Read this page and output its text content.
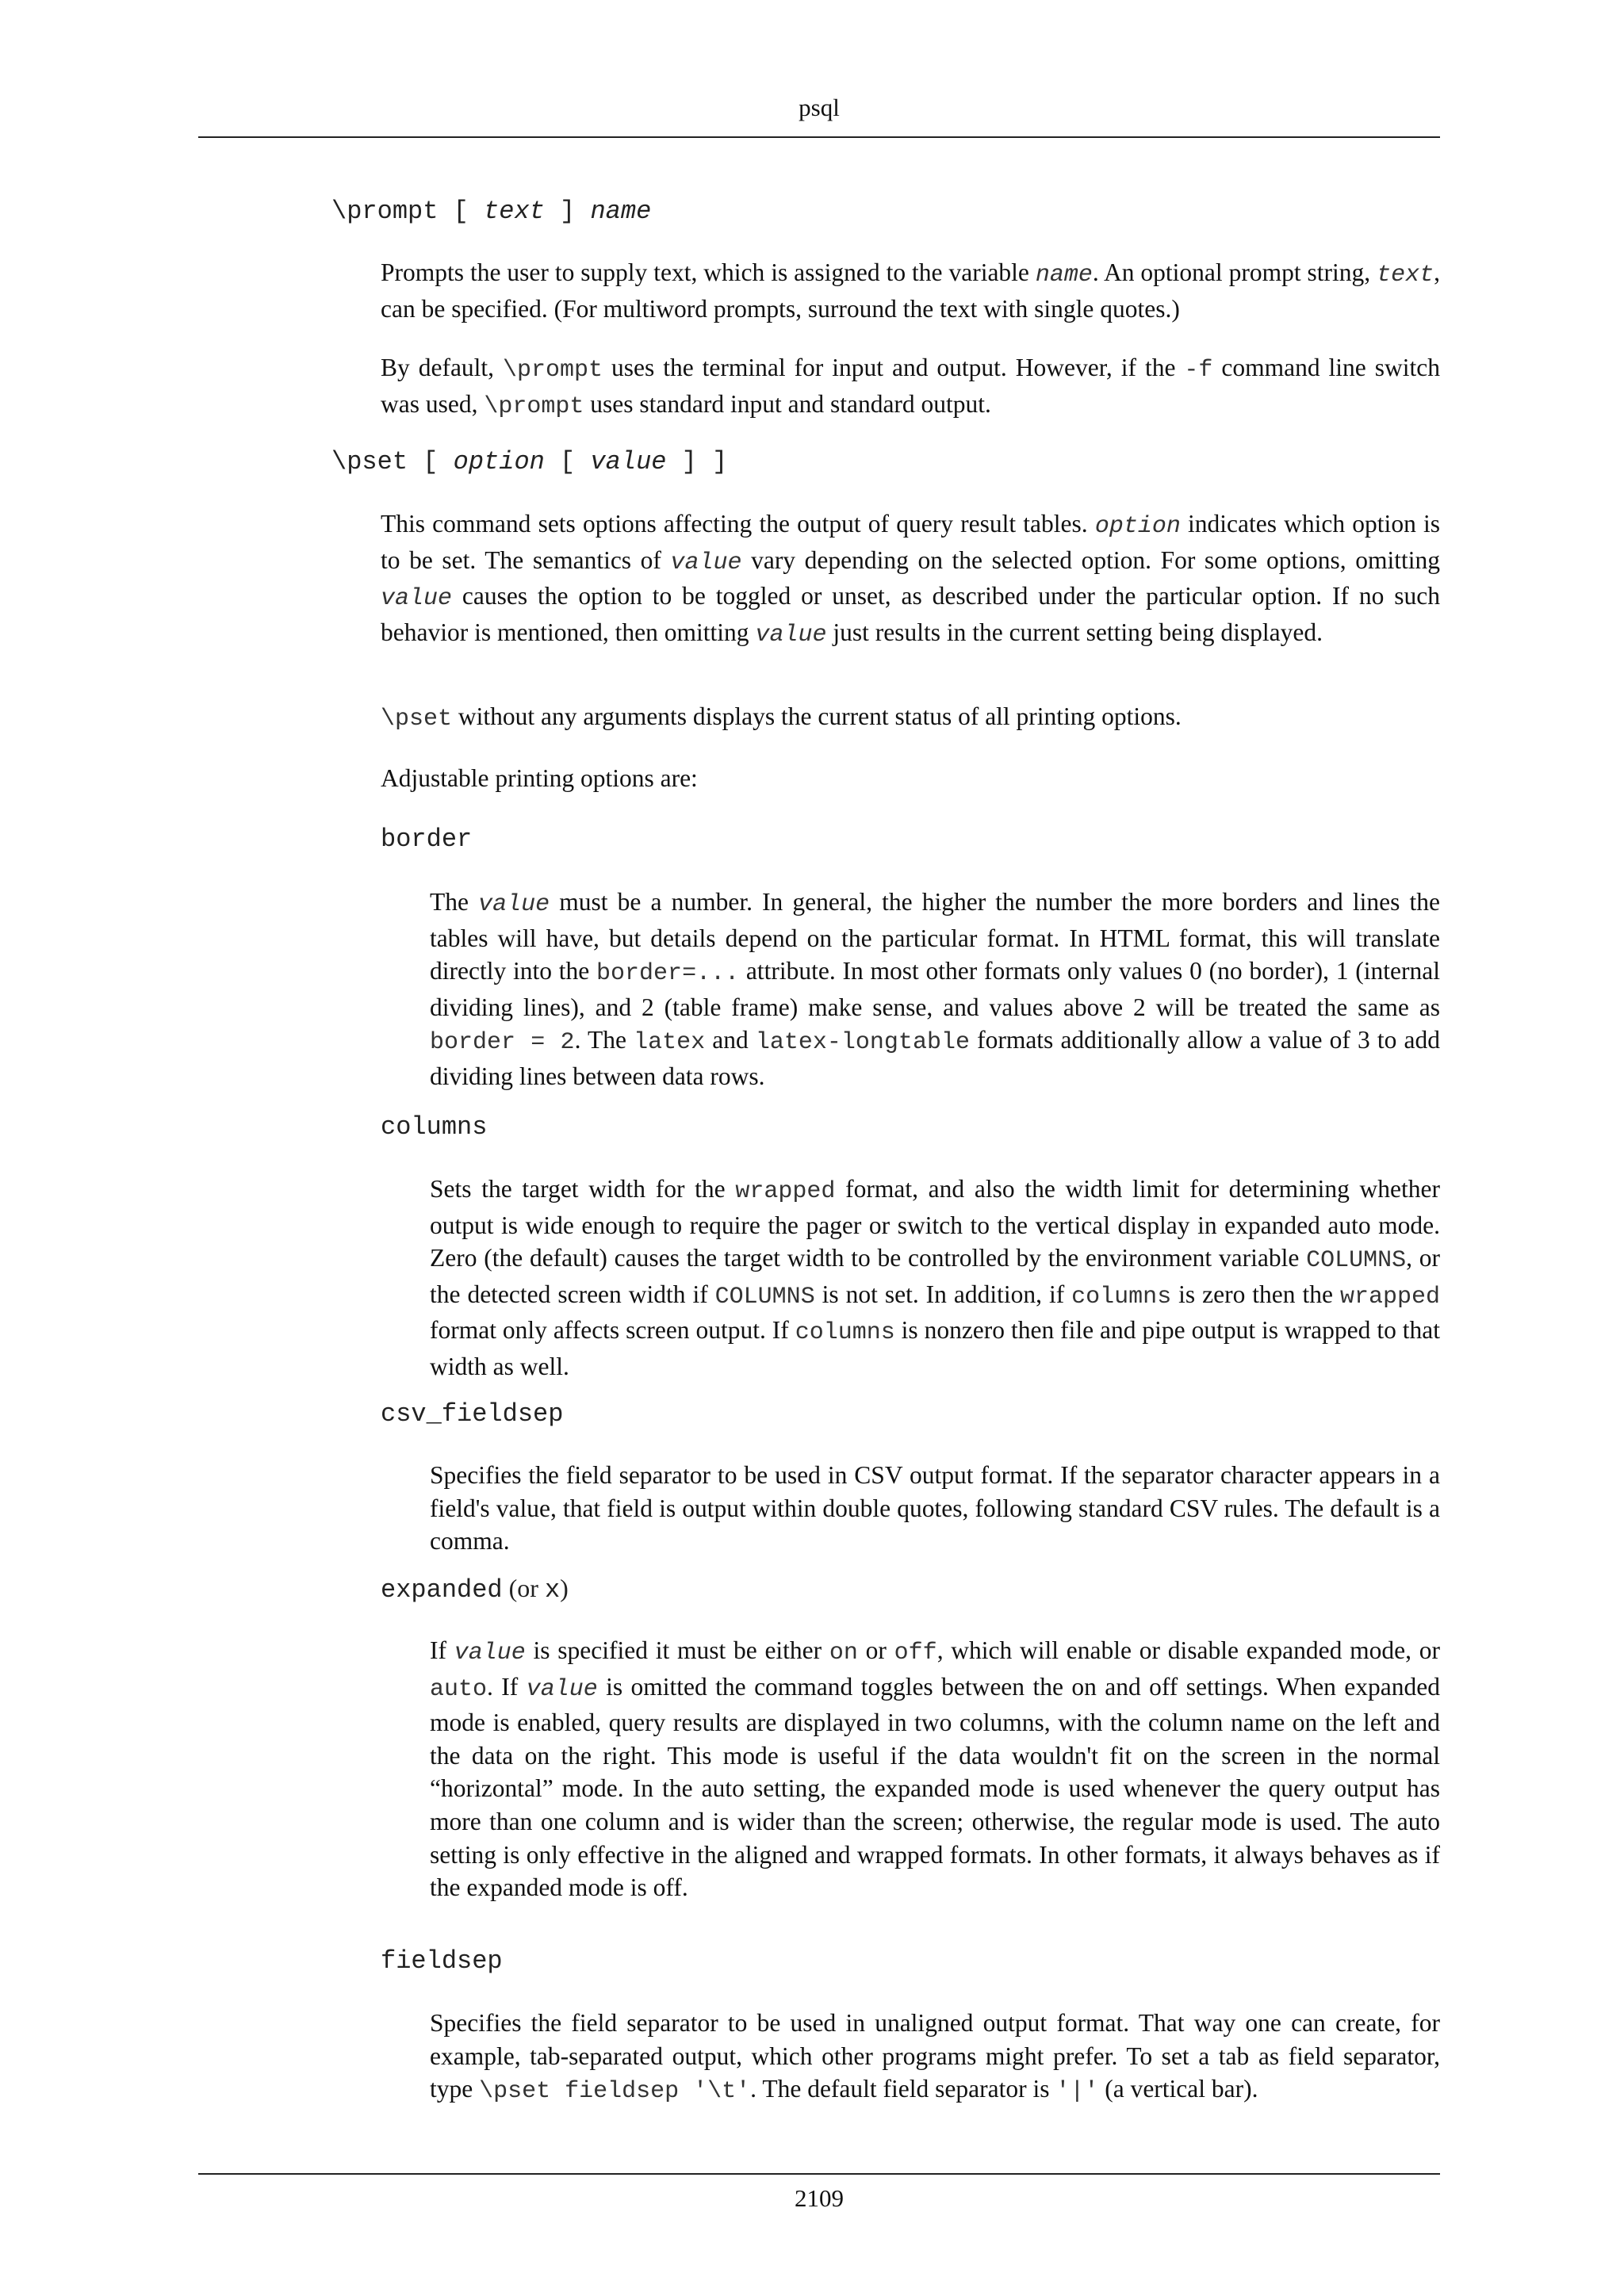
psql
\prompt [ text ] name
Prompts the user to supply text, which is assigned to the variable name. An optional prompt string, text, can be specified. (For multiword prompts, surround the text with single quotes.)
By default, \prompt uses the terminal for input and output. However, if the -f command line switch was used, \prompt uses standard input and standard output.
\pset [ option [ value ] ]
This command sets options affecting the output of query result tables. option indicates which option is to be set. The semantics of value vary depending on the selected option. For some options, omitting value causes the option to be toggled or unset, as described under the particular option. If no such behavior is mentioned, then omitting value just results in the current setting being displayed.
\pset without any arguments displays the current status of all printing options.
Adjustable printing options are:
border
The value must be a number. In general, the higher the number the more borders and lines the tables will have, but details depend on the particular format. In HTML format, this will translate directly into the border=... attribute. In most other formats only values 0 (no border), 1 (internal dividing lines), and 2 (table frame) make sense, and values above 2 will be treated the same as border = 2. The latex and latex-longtable formats additionally allow a value of 3 to add dividing lines between data rows.
columns
Sets the target width for the wrapped format, and also the width limit for determining whether output is wide enough to require the pager or switch to the vertical display in expanded auto mode. Zero (the default) causes the target width to be controlled by the environment variable COLUMNS, or the detected screen width if COLUMNS is not set. In addition, if columns is zero then the wrapped format only affects screen output. If columns is nonzero then file and pipe output is wrapped to that width as well.
csv_fieldsep
Specifies the field separator to be used in CSV output format. If the separator character appears in a field's value, that field is output within double quotes, following standard CSV rules. The default is a comma.
expanded (or x)
If value is specified it must be either on or off, which will enable or disable expanded mode, or auto. If value is omitted the command toggles between the on and off settings. When expanded mode is enabled, query results are displayed in two columns, with the column name on the left and the data on the right. This mode is useful if the data wouldn't fit on the screen in the normal “horizontal” mode. In the auto setting, the expanded mode is used whenever the query output has more than one column and is wider than the screen; otherwise, the regular mode is used. The auto setting is only effective in the aligned and wrapped formats. In other formats, it always behaves as if the expanded mode is off.
fieldsep
Specifies the field separator to be used in unaligned output format. That way one can create, for example, tab-separated output, which other programs might prefer. To set a tab as field separator, type \pset fieldsep '\t'. The default field separator is '|' (a vertical bar).
2109
